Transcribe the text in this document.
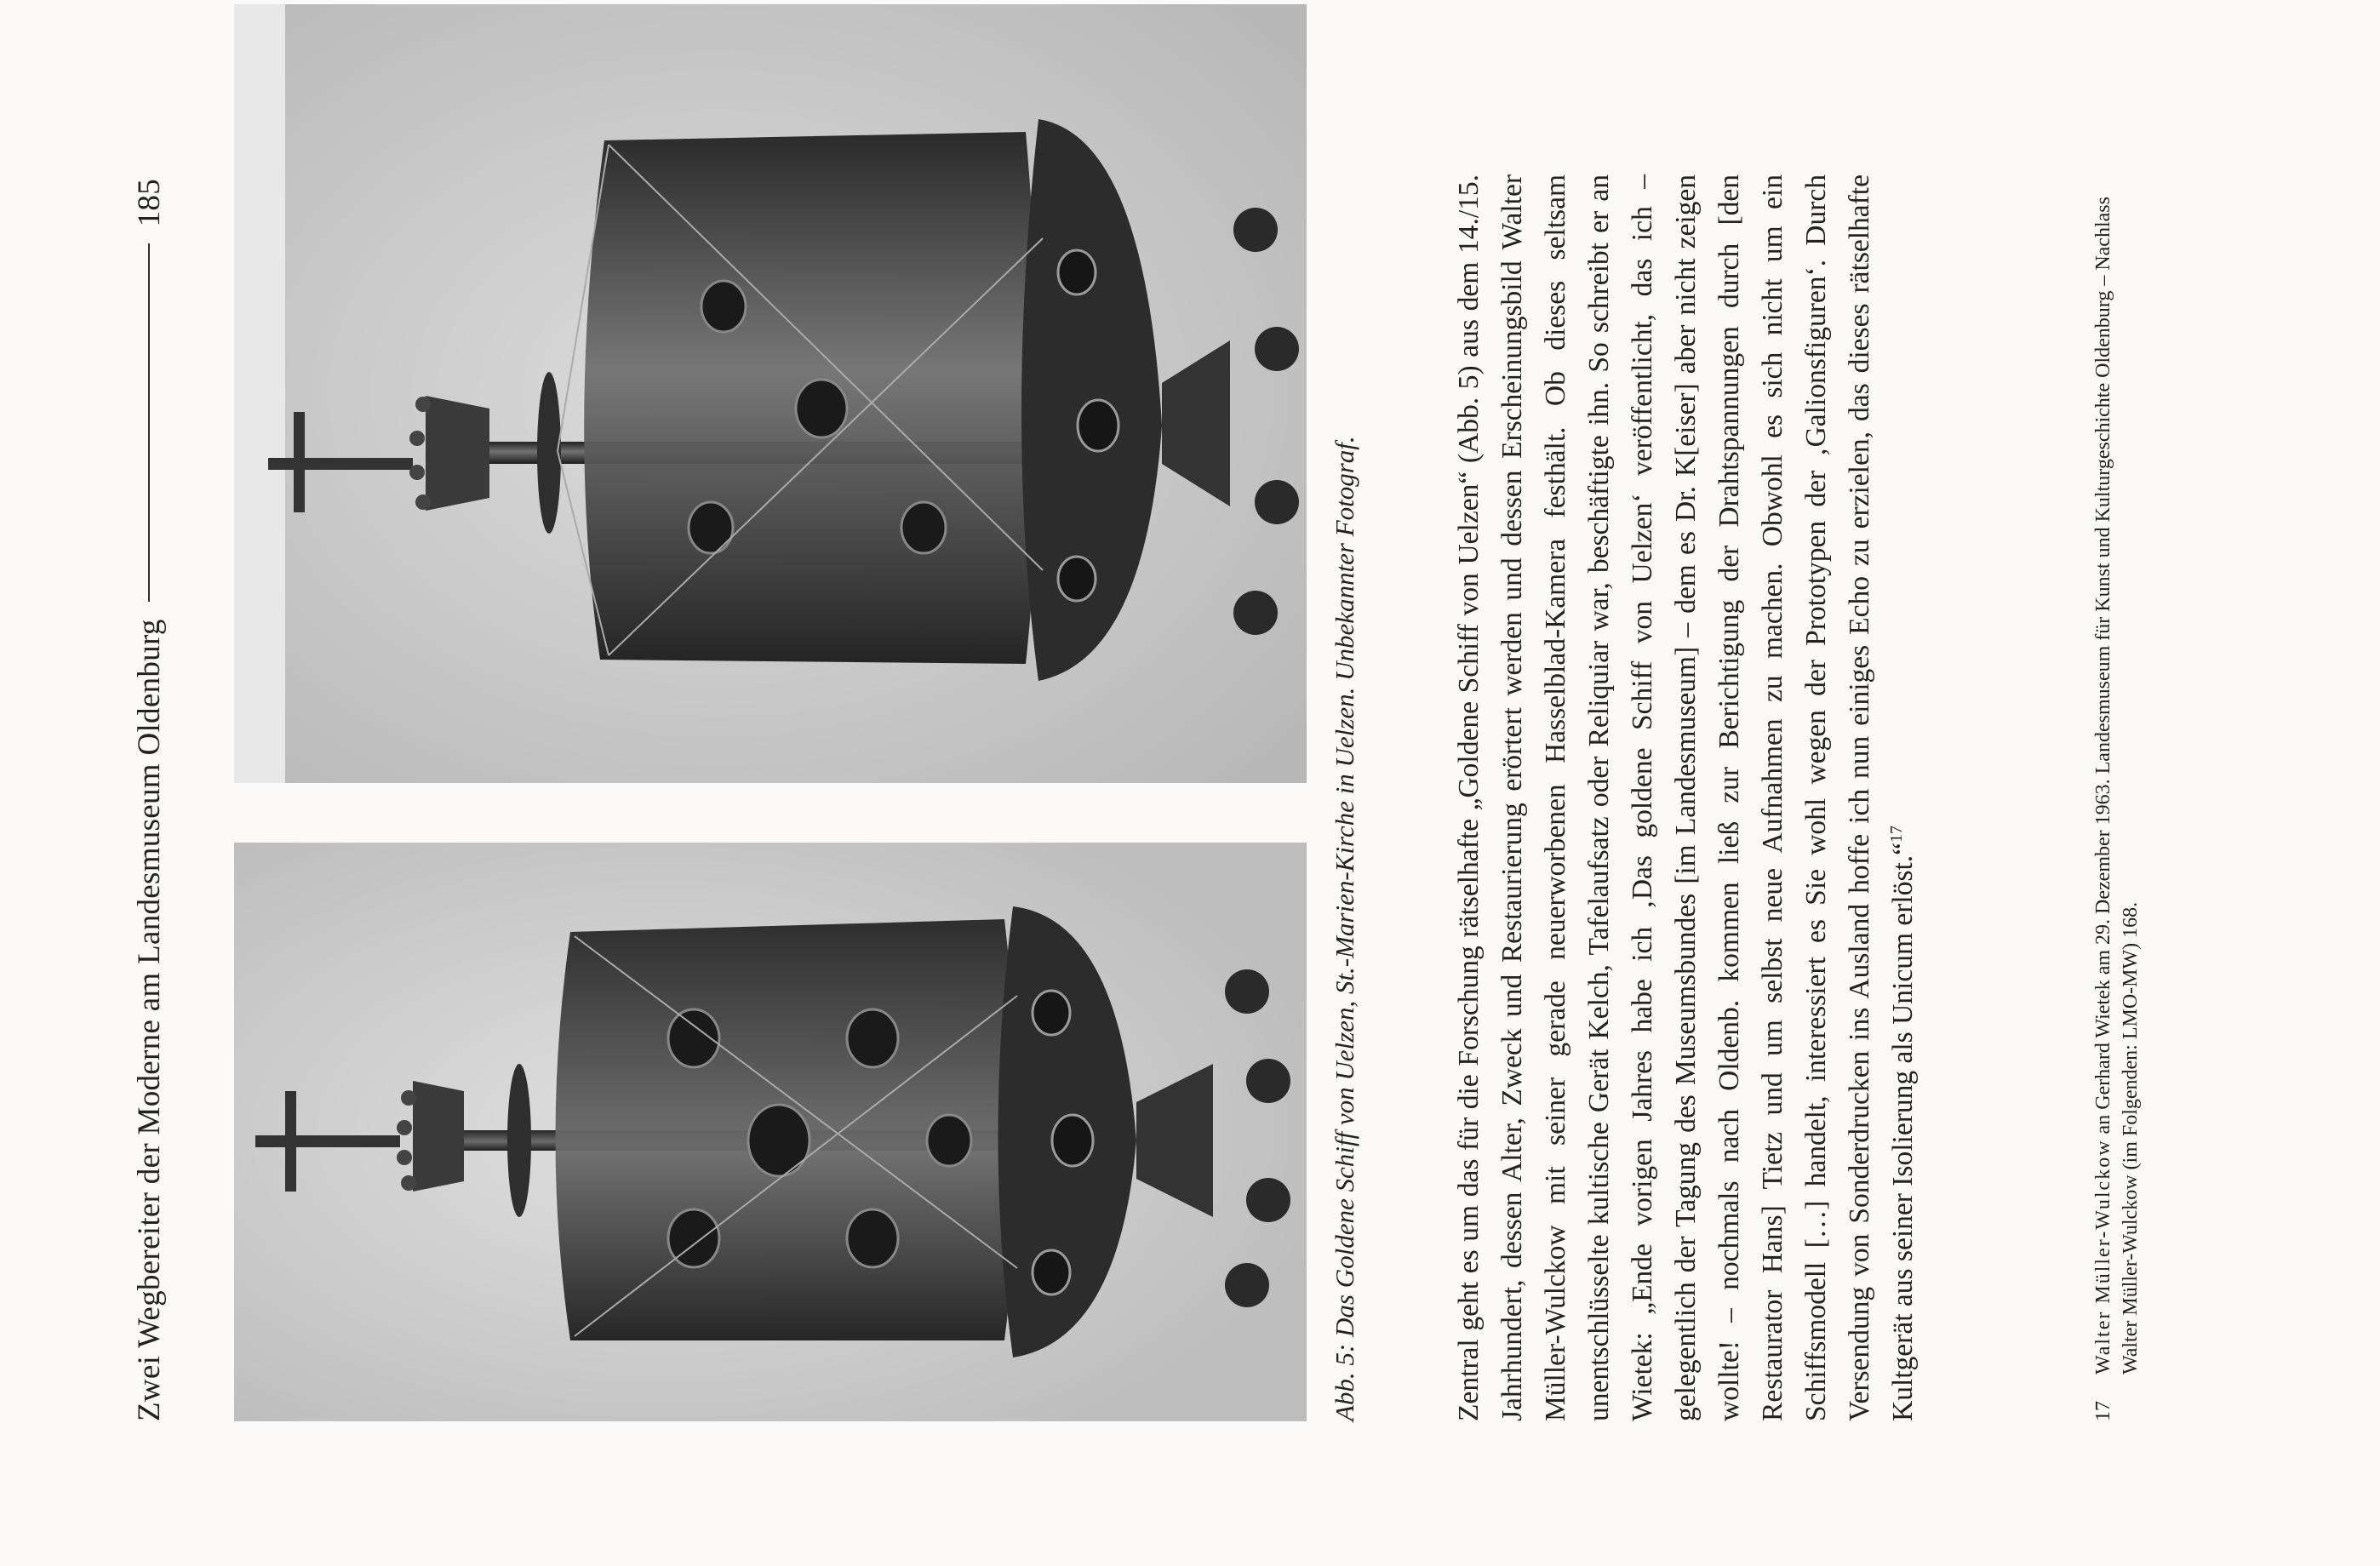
Zwei Wegbereiter der Moderne am Landesmuseum Oldenburg
185
Abb. 5: Das Goldene Schiff von Uelzen, St.-Marien-Kirche in Uelzen. Unbekannter Fotograf.	Zentral geht es um das für die Forschung rätselhafte „Goldene Schiff von Uelzen“ (Abb. 5) aus dem 14./15. Jahrhundert, dessen Alter, Zweck und Restaurierung erörtert werden und dessen Erscheinungsbild Walter Müller-Wulckow mit seiner gerade neuerworbenen Hasselblad-Kamera festhält. Ob dieses seltsam unentschlüsselte kultische Gerät Kelch, Tafelaufsatz oder Reliquiar war, beschäftigte ihn. So schreibt er an Wietek: „Ende vorigen Jahres habe ich ‚Das goldene Schiff von Uelzen‘ veröffentlicht, das ich – gelegentlich der Tagung des Museumsbundes [im Landesmuseum] – dem es Dr. K[eiser] aber nicht zeigen wollte! – nochmals nach Oldenb. kommen ließ zur Berichtigung der Drahtspannungen durch [den Restaurator Hans] Tietz und um selbst neue Aufnahmen zu machen. Obwohl es sich nicht um ein Schiffsmodell […] handelt, interessiert es Sie wohl wegen der Prototypen der ‚Galionsfiguren‘. Durch Versendung von Sonderdrucken ins Ausland hoffe ich nun einiges Echo zu erzielen, das dieses rätselhafte Kultgerät aus seiner Isolierung als Unicum erlöst.“$^{17}$
17
Walter Müller-Wulckow an Gerhard Wietek am 29. Dezember 1963. Landesmuseum für Kunst und Kulturgeschichte Oldenburg – Nachlass Walter Müller-Wulckow (im Folgenden: LMO-MW) 168.
